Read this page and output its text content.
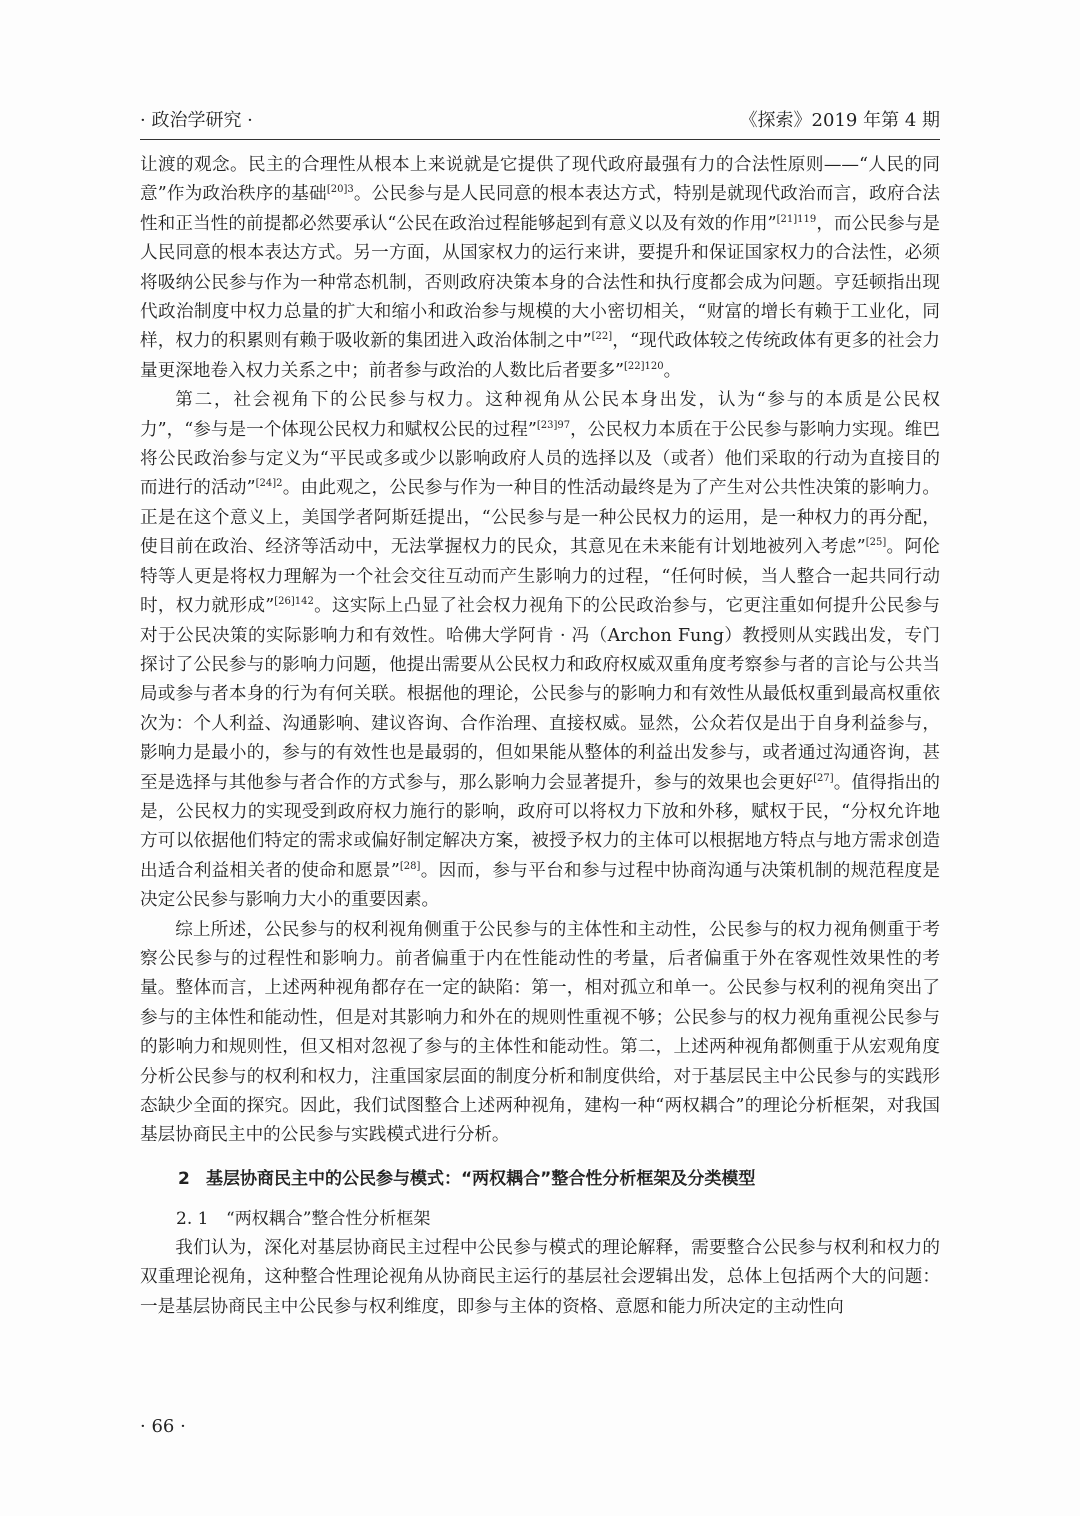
· 政治学研究 ·	《探索》2019 年第 4 期

让渡的观念。民主的合理性从根本上来说就是它提供了现代政府最强有力的合法性原则——“人民的同意”作为政治秩序的基础$^{[20]3}$。公民参与是人民同意的根本表达方式，特别是就现代政治而言，政府合法性和正当性的前提都必然要承认“公民在政治过程能够起到有意义以及有效的作用”$^{[21]119}$，而公民参与是人民同意的根本表达方式。另一方面，从国家权力的运行来讲，要提升和保证国家权力的合法性，必须将吸纳公民参与作为一种常态机制，否则政府决策本身的合法性和执行度都会成为问题。亨廷顿指出现代政治制度中权力总量的扩大和缩小和政治参与规模的大小密切相关，“财富的增长有赖于工业化，同样，权力的积累则有赖于吸收新的集团进入政治体制之中”[22]，“现代政体较之传统政体有更多的社会力量更深地卷入权力关系之中；前者参与政治的人数比后者要多”$^{[22]120}$。

第二，社会视角下的公民参与权力。这种视角从公民本身出发，认为“参与的本质是公民权力”，“参与是一个体现公民权力和赋权公民的过程”$^{[23]97}$，公民权力本质在于公民参与影响力实现。维巴将公民政治参与定义为“平民或多或少以影响政府人员的选择以及（或者）他们采取的行动为直接目的而进行的活动”$^{[24]2}$。由此观之，公民参与作为一种目的性活动最终是为了产生对公共性决策的影响力。正是在这个意义上，美国学者阿斯廷提出，“公民参与是一种公民权力的运用，是一种权力的再分配，使目前在政治、经济等活动中，无法掌握权力的民众，其意见在未来能有计划地被列入考虑”[25]。阿伦特等人更是将权力理解为一个社会交往互动而产生影响力的过程，“任何时候，当人整合一起共同行动时，权力就形成”$^{[26]142}$。这实际上凸显了社会权力视角下的公民政治参与，它更注重如何提升公民参与对于公民决策的实际影响力和有效性。哈佛大学阿肯 · 冯（Archon Fung）教授则从实践出发，专门探讨了公民参与的影响力问题，他提出需要从公民权力和政府权威双重角度考察参与者的言论与公共当局或参与者本身的行为有何关联。根据他的理论，公民参与的影响力和有效性从最低权重到最高权重依次为：个人利益、沟通影响、建议咨询、合作治理、直接权威。显然，公众若仅是出于自身利益参与，影响力是最小的，参与的有效性也是最弱的，但如果能从整体的利益出发参与，或者通过沟通咨询，甚至是选择与其他参与者合作的方式参与，那么影响力会显著提升，参与的效果也会更好[27]。值得指出的是，公民权力的实现受到政府权力施行的影响，政府可以将权力下放和外移，赋权于民，“分权允许地方可以依据他们特定的需求或偏好制定解决方案，被授予权力的主体可以根据地方特点与地方需求创造出适合利益相关者的使命和愿景”[28]。因而，参与平台和参与过程中协商沟通与决策机制的规范程度是决定公民参与影响力大小的重要因素。

综上所述，公民参与的权利视角侧重于公民参与的主体性和主动性，公民参与的权力视角侧重于考察公民参与的过程性和影响力。前者偏重于内在性能动性的考量，后者偏重于外在客观性效果性的考量。整体而言，上述两种视角都存在一定的缺陷：第一，相对孤立和单一。公民参与权利的视角突出了参与的主体性和能动性，但是对其影响力和外在的规则性重视不够；公民参与的权力视角重视公民参与的影响力和规则性，但又相对忽视了参与的主体性和能动性。第二，上述两种视角都侧重于从宏观角度分析公民参与的权利和权力，注重国家层面的制度分析和制度供给，对于基层民主中公民参与的实践形态缺少全面的探究。因此，我们试图整合上述两种视角，建构一种“两权耦合”的理论分析框架，对我国基层协商民主中的公民参与实践模式进行分析。

2 基层协商民主中的公民参与模式：“两权耦合”整合性分析框架及分类模型
2. 1 “两权耦合”整合性分析框架

我们认为，深化对基层协商民主过程中公民参与模式的理论解释，需要整合公民参与权利和权力的双重理论视角，这种整合性理论视角从协商民主运行的基层社会逻辑出发，总体上包括两个大的问题：一是基层协商民主中公民参与权利维度，即参与主体的资格、意愿和能力所决定的主动性向

· 66 ·
